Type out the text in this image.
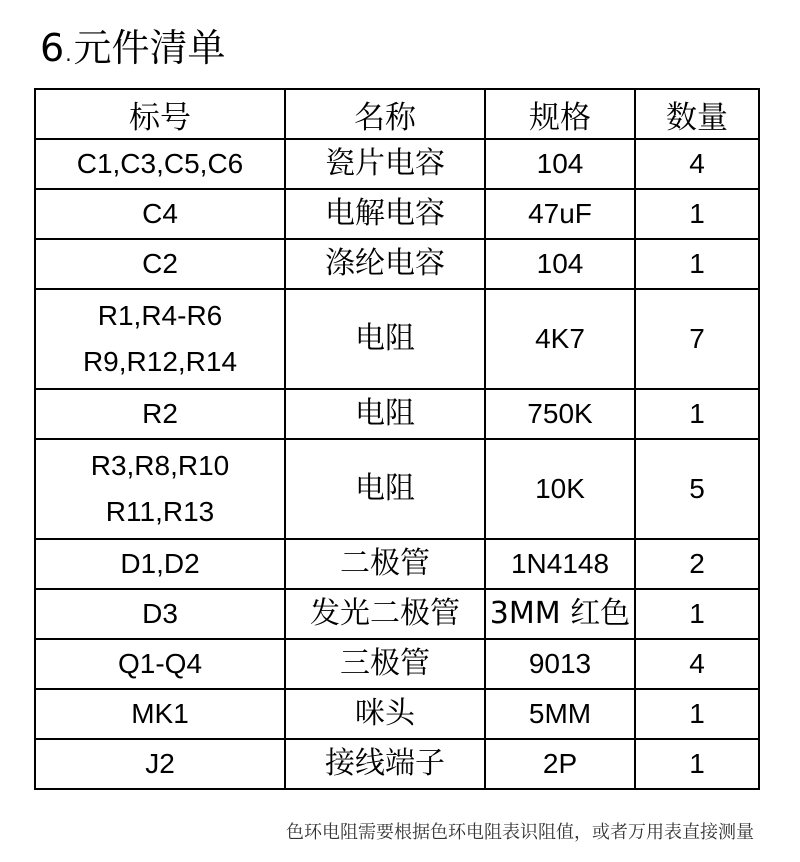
6.元件清单
标号	名称	规格	数量
C1,C3,C5,C6	瓷片电容	104	4
C4	电解电容	47uF	1
C2	涤纶电容	104	1

R1,R4-R6
R9,R12,R14	电阻	4K7	7
R2	电阻	750K	1

R3,R8,R10
R11,R13	电阻	10K	5
D1,D2	二极管	1N4148	2
D3	发光二极管	3MM 红色	1
Q1-Q4	三极管	9013	4
MK1	咪头	5MM	1
J2	接线端子	2P	1
色环电阻需要根据色环电阻表识阻值，或者万用表直接测量
